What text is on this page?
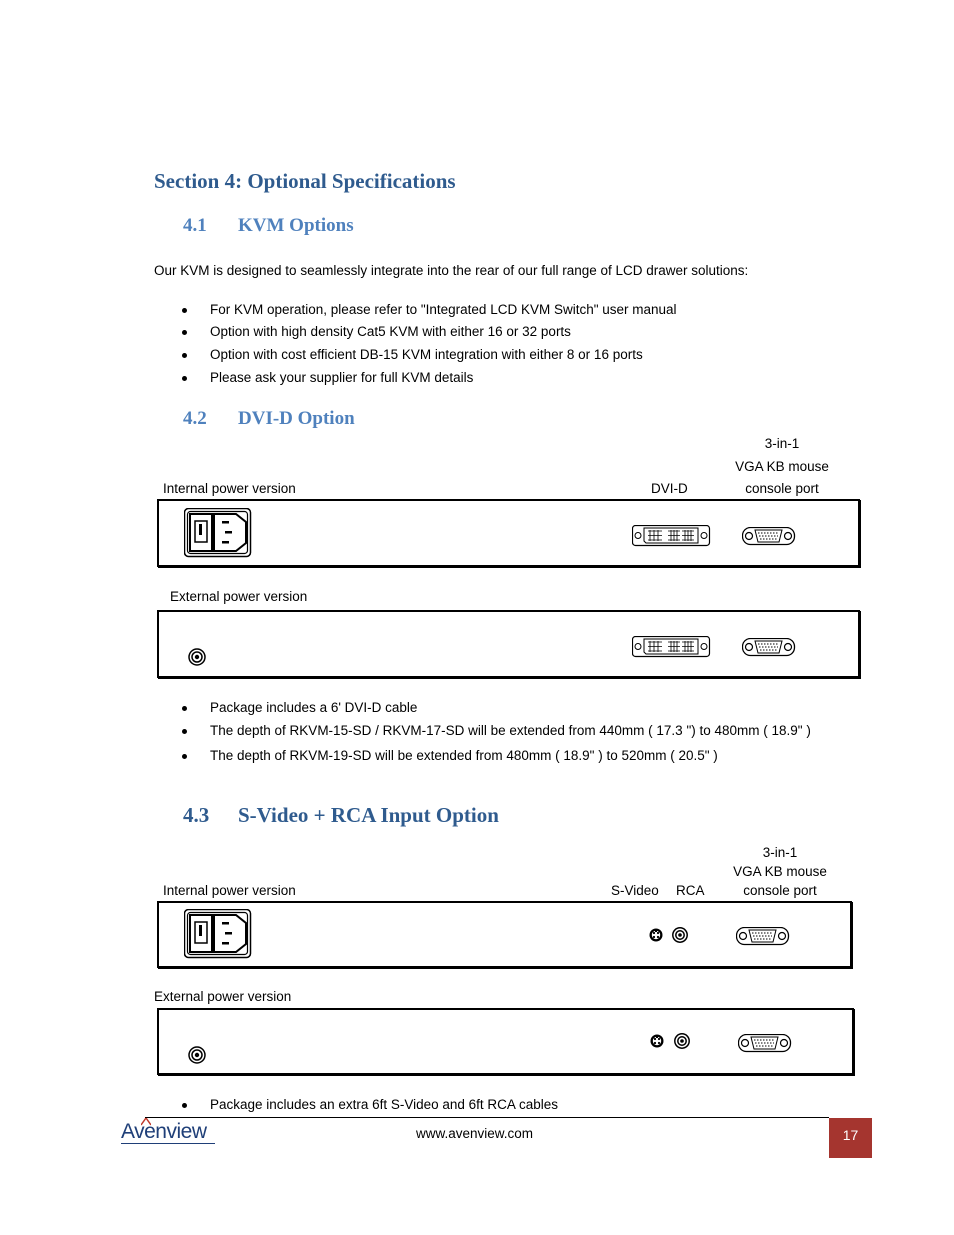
Section 4: Optional Specifications
4.1 KVM Options
Our KVM is designed to seamlessly integrate into the rear of our full range of LCD drawer solutions:
For KVM operation, please refer to "Integrated LCD KVM Switch" user manual
Option with high density Cat5 KVM with either 16 or 32 ports
Option with cost efficient DB-15 KVM integration with either 8 or 16 ports
Please ask your supplier for full KVM details
4.2 DVI-D Option
3-in-1
VGA KB mouse
console port
Internal power version	DVI-D
External power version
Package includes a 6' DVI-D cable
The depth of RKVM-15-SD / RKVM-17-SD will be extended from 440mm ( 17.3 ") to 480mm ( 18.9" )
The depth of RKVM-19-SD will be extended from 480mm ( 18.9" ) to 520mm ( 20.5" )
4.3 S-Video + RCA Input Option
3-in-1
VGA KB mouse
console port
Internal power version	S-Video RCA
External power version
Package includes an extra 6ft S-Video and 6ft RCA cables
Avenview	www.avenview.com	17
